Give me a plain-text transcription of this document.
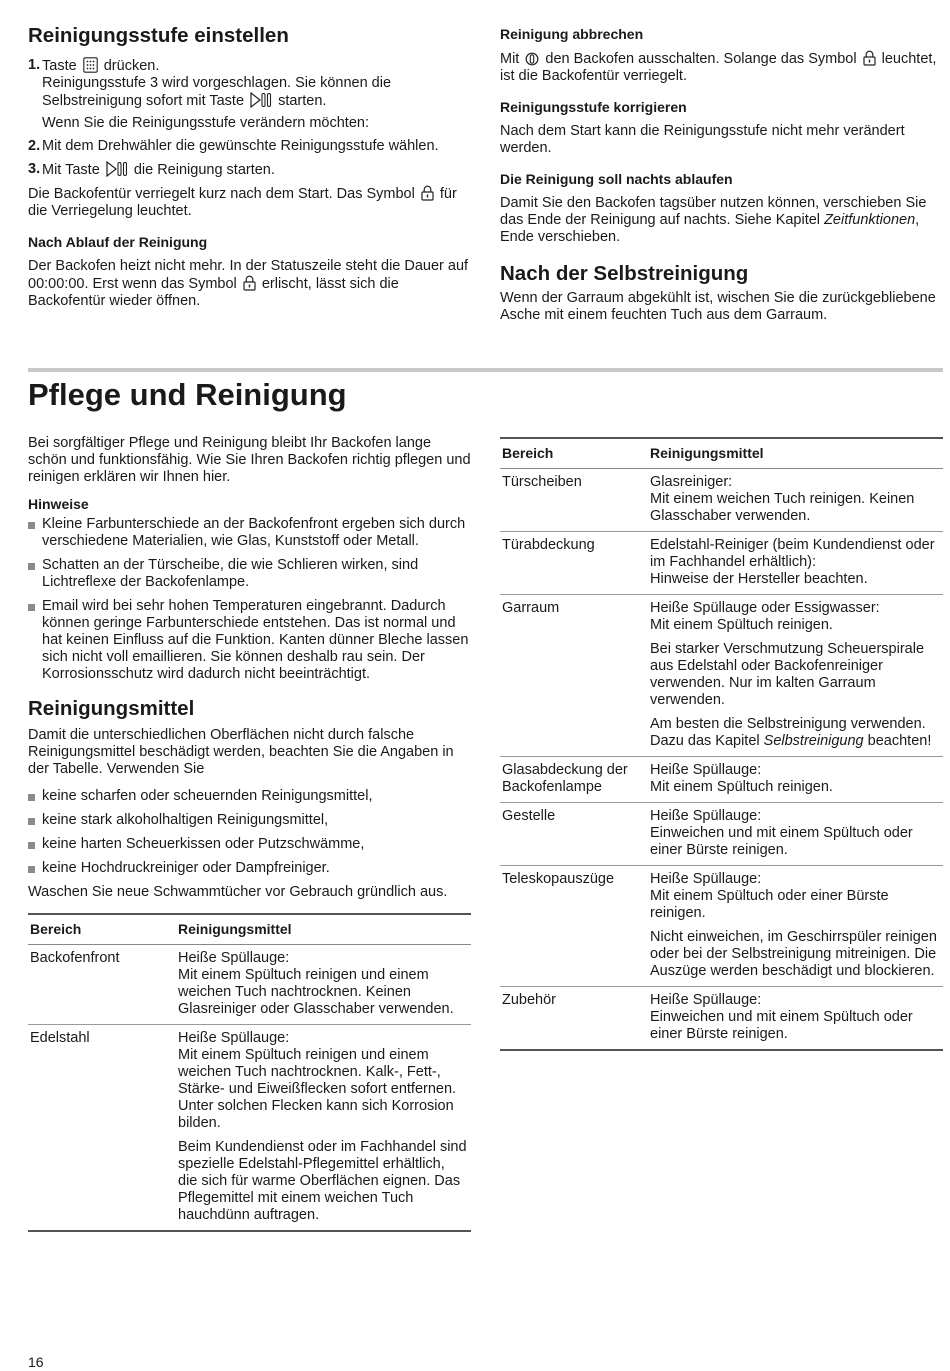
Reinigungsstufe einstellen
1. Taste drücken.
Reinigungsstufe 3 wird vorgeschlagen. Sie können die Selbstreinigung sofort mit Taste starten.
Wenn Sie die Reinigungsstufe verändern möchten:
2. Mit dem Drehwähler die gewünschte Reinigungsstufe wählen.
3. Mit Taste die Reinigung starten.

Die Backofentür verriegelt kurz nach dem Start. Das Symbol für die Verriegelung leuchtet.

Nach Ablauf der Reinigung

Der Backofen heizt nicht mehr. In der Statuszeile steht die Dauer auf 00:00:00. Erst wenn das Symbol erlischt, lässt sich die Backofentür wieder öffnen.

Reinigung abbrechen

Mit den Backofen ausschalten. Solange das Symbol leuchtet, ist die Backofentür verriegelt.

Reinigungsstufe korrigieren

Nach dem Start kann die Reinigungsstufe nicht mehr verändert werden.

Die Reinigung soll nachts ablaufen

Damit Sie den Backofen tagsüber nutzen können, verschieben Sie das Ende der Reinigung auf nachts. Siehe Kapitel Zeitfunktionen, Ende verschieben.

Nach der Selbstreinigung

Wenn der Garraum abgekühlt ist, wischen Sie die zurückgebliebene Asche mit einem feuchten Tuch aus dem Garraum.

Pflege und Reinigung

Bei sorgfältiger Pflege und Reinigung bleibt Ihr Backofen lange schön und funktionsfähig. Wie Sie Ihren Backofen richtig pflegen und reinigen erklären wir Ihnen hier.

Hinweise
Kleine Farbunterschiede an der Backofenfront ergeben sich durch verschiedene Materialien, wie Glas, Kunststoff oder Metall.
Schatten an der Türscheibe, die wie Schlieren wirken, sind Lichtreflexe der Backofenlampe.
Email wird bei sehr hohen Temperaturen eingebrannt. Dadurch können geringe Farbunterschiede entstehen. Das ist normal und hat keinen Einfluss auf die Funktion. Kanten dünner Bleche lassen sich nicht voll emaillieren. Sie können deshalb rau sein. Der Korrosionsschutz wird dadurch nicht beeinträchtigt.
Reinigungsmittel

Damit die unterschiedlichen Oberflächen nicht durch falsche Reinigungsmittel beschädigt werden, beachten Sie die Angaben in der Tabelle. Verwenden Sie

keine scharfen oder scheuernden Reinigungsmittel,
keine stark alkoholhaltigen Reinigungsmittel,
keine harten Scheuerkissen oder Putzschwämme,
keine Hochdruckreiniger oder Dampfreiniger.

Waschen Sie neue Schwammtücher vor Gebrauch gründlich aus.

Bereich	Reinigungsmittel
Backofenfront	Heiße Spüllauge:
Mit einem Spültuch reinigen und einem weichen Tuch nachtrocknen. Keinen Glasreiniger oder Glasschaber verwenden.

Edelstahl	Heiße Spüllauge:
Mit einem Spültuch reinigen und einem weichen Tuch nachtrocknen. Kalk-, Fett-, Stärke- und Eiweißflecken sofort entfernen. Unter solchen Flecken kann sich Korrosion bilden.

Beim Kundendienst oder im Fachhandel sind spezielle Edelstahl-Pflegemittel erhältlich, die sich für warme Oberflächen eignen. Das Pflegemittel mit einem weichen Tuch hauchdünn auftragen.

Bereich	Reinigungsmittel
Türscheiben	Glasreiniger:
Mit einem weichen Tuch reinigen. Keinen Glasschaber verwenden.

Türabdeckung	Edelstahl-Reiniger (beim Kundendienst oder im Fachhandel erhältlich):
Hinweise der Hersteller beachten.

Garraum	Heiße Spüllauge oder Essigwasser:
Mit einem Spültuch reinigen.

Bei starker Verschmutzung Scheuerspirale aus Edelstahl oder Backofenreiniger verwenden. Nur im kalten Garraum verwenden.

Am besten die Selbstreinigung verwenden. Dazu das Kapitel Selbstreinigung beachten!

Glasabdeckung der Backofenlampe	Heiße Spüllauge:
Mit einem Spültuch reinigen.

Gestelle	Heiße Spüllauge:
Einweichen und mit einem Spültuch oder einer Bürste reinigen.

Teleskopauszüge	Heiße Spüllauge:
Mit einem Spültuch oder einer Bürste reinigen.

Nicht einweichen, im Geschirrspüler reinigen oder bei der Selbstreinigung mitreinigen. Die Auszüge werden beschädigt und blockieren.

Zubehör	Heiße Spüllauge:
Einweichen und mit einem Spültuch oder einer Bürste reinigen.

16
